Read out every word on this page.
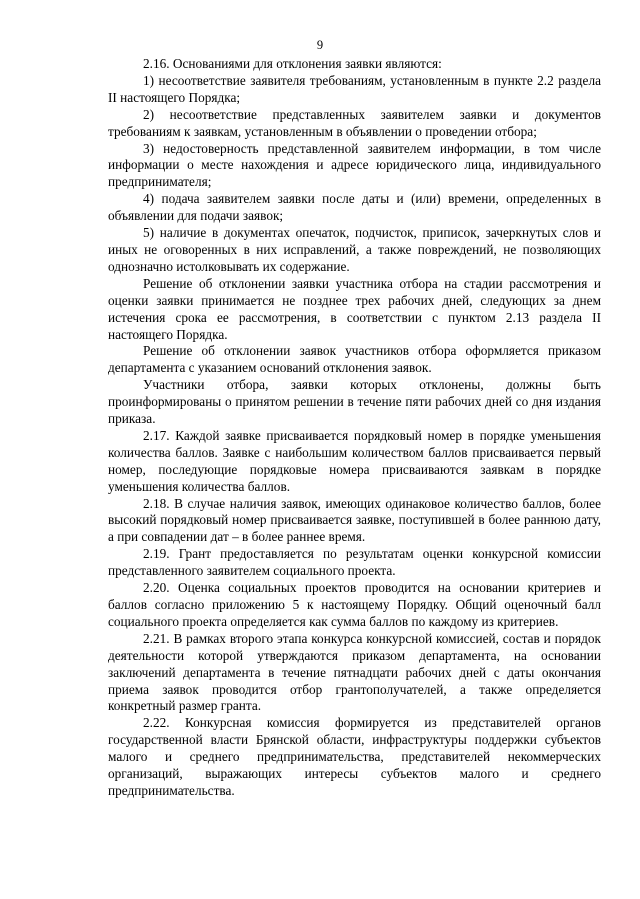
9

2.16. Основаниями для отклонения заявки являются:

1) несоответствие заявителя требованиям, установленным в пункте 2.2 раздела II настоящего Порядка;

2) несоответствие представленных заявителем заявки и документов требованиям к заявкам, установленным в объявлении о проведении отбора;

3) недостоверность представленной заявителем информации, в том числе информации о месте нахождения и адресе юридического лица, индивидуального предпринимателя;

4) подача заявителем заявки после даты и (или) времени, определенных в объявлении для подачи заявок;

5) наличие в документах опечаток, подчисток, приписок, зачеркнутых слов и иных не оговоренных в них исправлений, а также повреждений, не позволяющих однозначно истолковывать их содержание.

Решение об отклонении заявки участника отбора на стадии рассмотрения и оценки заявки принимается не позднее трех рабочих дней, следующих за днем истечения срока ее рассмотрения, в соответствии с пунктом 2.13 раздела II настоящего Порядка.

Решение об отклонении заявок участников отбора оформляется приказом департамента с указанием оснований отклонения заявок.

Участники отбора, заявки которых отклонены, должны быть проинформированы о принятом решении в течение пяти рабочих дней со дня издания приказа.

2.17. Каждой заявке присваивается порядковый номер в порядке уменьшения количества баллов. Заявке с наибольшим количеством баллов присваивается первый номер, последующие порядковые номера присваиваются заявкам в порядке уменьшения количества баллов.

2.18. В случае наличия заявок, имеющих одинаковое количество баллов, более высокий порядковый номер присваивается заявке, поступившей в более раннюю дату, а при совпадении дат – в более раннее время.

2.19. Грант предоставляется по результатам оценки конкурсной комиссии представленного заявителем социального проекта.

2.20. Оценка социальных проектов проводится на основании критериев и баллов согласно приложению 5 к настоящему Порядку. Общий оценочный балл социального проекта определяется как сумма баллов по каждому из критериев.

2.21. В рамках второго этапа конкурса конкурсной комиссией, состав и порядок деятельности которой утверждаются приказом департамента, на основании заключений департамента в течение пятнадцати рабочих дней с даты окончания приема заявок проводится отбор грантополучателей, а также определяется конкретный размер гранта.

2.22. Конкурсная комиссия формируется из представителей органов государственной власти Брянской области, инфраструктуры поддержки субъектов малого и среднего предпринимательства, представителей некоммерческих организаций, выражающих интересы субъектов малого и среднего предпринимательства.
